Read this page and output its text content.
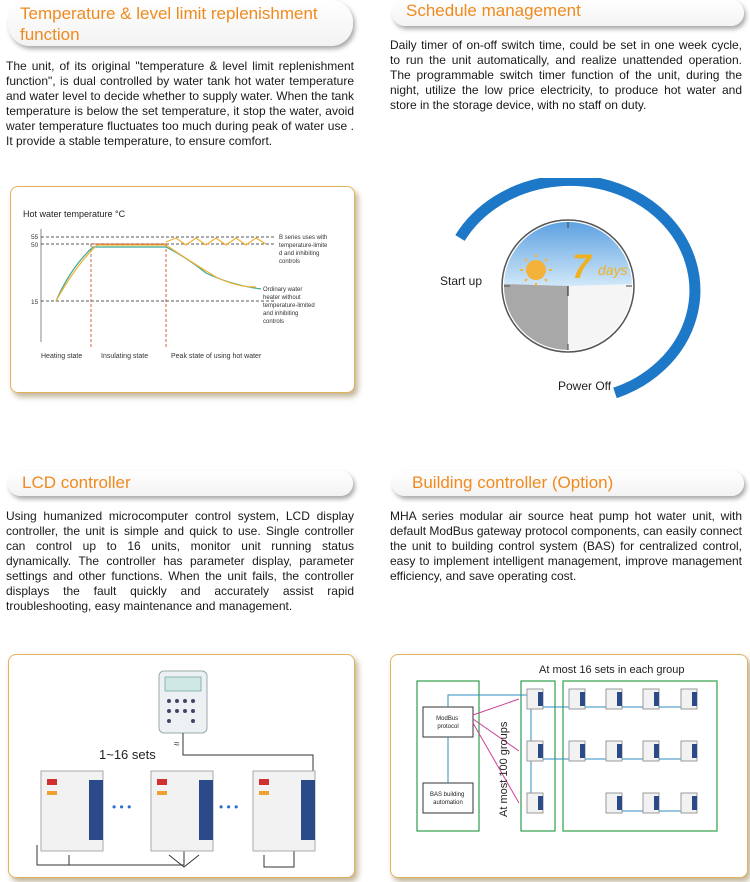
Temperature & level limit replenishment
function
The unit, of its original "temperature & level limit replenishment function", is dual controlled by water tank hot water temperature and water level to decide whether to supply water. When the tank temperature is below the set temperature, it stop the water, avoid water temperature fluctuates too much during peak of water use . It provide a stable temperature, to ensure comfort.
Schedule management
Daily timer of on-off switch time, could be set in one week cycle, to run the unit automatically, and realize unattended operation. The programmable switch timer function of the unit, during the night, utilize the low price electricity, to produce hot water and store in the storage device, with no staff on duty.
Hot water temperature °C
55
50
15
B series uses with temperature-limite d and inhibiting controls
Ordinary water heater without temperature-limited and inhibiting controls
Heating state	Insulating state	Peak state of using hot water
7 days
Start up
Power Off
LCD controller
Using humanized microcomputer control system, LCD display controller, the unit is simple and quick to use. Single controller can control up to 16 units, monitor unit running status dynamically. The controller has parameter display, parameter settings and other functions. When the unit fails, the controller displays the fault quickly and accurately assist rapid troubleshooting, easy maintenance and management.
Building controller (Option)
MHA series modular air source heat pump hot water unit, with default ModBus gateway protocol components, can easily connect the unit to building control system (BAS) for centralized control, easy to implement intelligent management, improve management efficiency, and save operating cost.
≈
1~16 sets
• • •	• • •
At most 16 sets in each group
ModBus protocol
BAS building automation	At most 100 groups
